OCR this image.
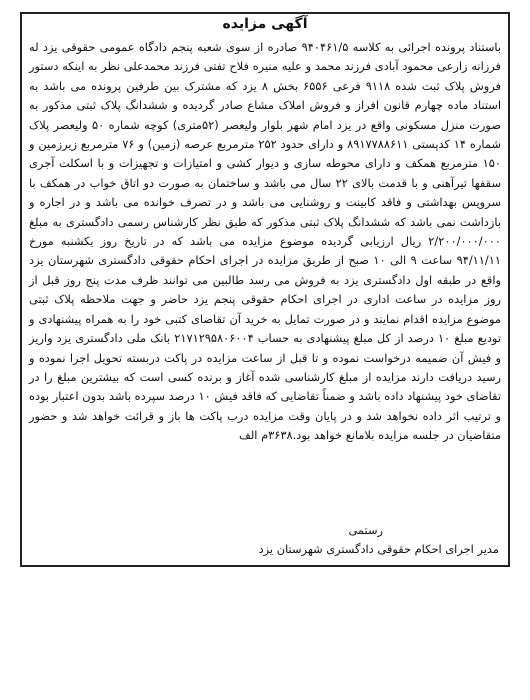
آگهی مزایده

باستناد پرونده اجرائی به کلاسه ۹۴۰۴۶۱/۵ صادره از سوی شعبه پنجم دادگاه عمومی حقوقی یزد له فرزانه زارعی محمود آبادی فرزند محمد و علیه منیره فلاح تفتی فرزند محمدعلی نظر به اینکه دستور فروش پلاک ثبت شده ۹۱۱۸ فرعی ۶۵۵۶ بخش ۸ یزد که مشترک بین طرفین پرونده می باشد به استناد ماده چهارم قانون افراز و فروش املاک مشاع صادر گردیده و ششدانگ پلاک ثبتی مذکور به صورت منزل مسکونی واقع در یزد امام شهر بلوار ولیعصر (۵۲متری) کوچه شماره ۵۰ ولیعصر پلاک شماره ۱۴ کدپستی ۸۹۱۷۷۸۸۶۱۱ و دارای حدود ۲۵۲ مترمربع عرصه (زمین) و ۷۶ مترمربع زیرزمین و ۱۵۰ مترمربع همکف و دارای محوطه سازی و دیوار کشی و امتیازات و تجهیزات و با اسکلت آجری سقفها تیرآهنی و با قدمت بالای ۲۲ سال می باشد و ساختمان به صورت دو اتاق خواب در همکف با سرویس بهداشتی و فاقد کابینت و روشنایی می باشد و در تصرف خوانده می باشد و در اجاره و بازداشت نمی باشد که ششدانگ پلاک ثبتی مذکور که طبق نظر کارشناس رسمی دادگستری به مبلغ ۲/۲۰۰/۰۰۰/۰۰۰ ریال ارزیابی گردیده موضوع مزایده می باشد که در تاریخ روز یکشنبه مورخ ۹۴/۱۱/۱۱ ساعت ۹ الی ۱۰ صبح از طریق مزایده در اجرای احکام حقوقی دادگستری شهرستان یزد واقع در طبقه اول دادگستری یزد به فروش می رسد طالبین می توانند ظرف مدت پنج روز قبل از روز مزایده در ساعت اداری در اجرای احکام حقوقی پنجم یزد حاضر و جهت ملاحظه پلاک ثبتی موضوع مزایده اقدام نمایند و در صورت تمایل به خرید آن تقاضای کتبی خود را به همراه پیشنهادی و تودیع مبلغ ۱۰ درصد از کل مبلغ پیشنهادی به حساب ۲۱۷۱۲۹۵۸۰۶۰۰۴ بانک ملی دادگستری یزد واریز و فیش آن ضمیمه درخواست نموده و تا قبل از ساعت مزایده در پاکت دربسته تحویل اجرا نموده و رسید دریافت دارند مزایده از مبلغ کارشناسی شده آغاز و برنده کسی است که بیشترین مبلغ را در تقاضای خود پیشنهاد داده باشد و ضمناً تقاضایی که فاقد فیش ۱۰ درصد سپرده باشد بدون اعتبار بوده و ترتیب اثر داده نخواهد شد و در پایان وقت مزایده درب پاکت ها باز و قرائت خواهد شد و حضور متقاضیان در جلسه مزایده بلامانع خواهد بود.۳۶۳۸م الف

رستمی
مدیر اجرای احکام حقوقی دادگستری شهرستان یزد
